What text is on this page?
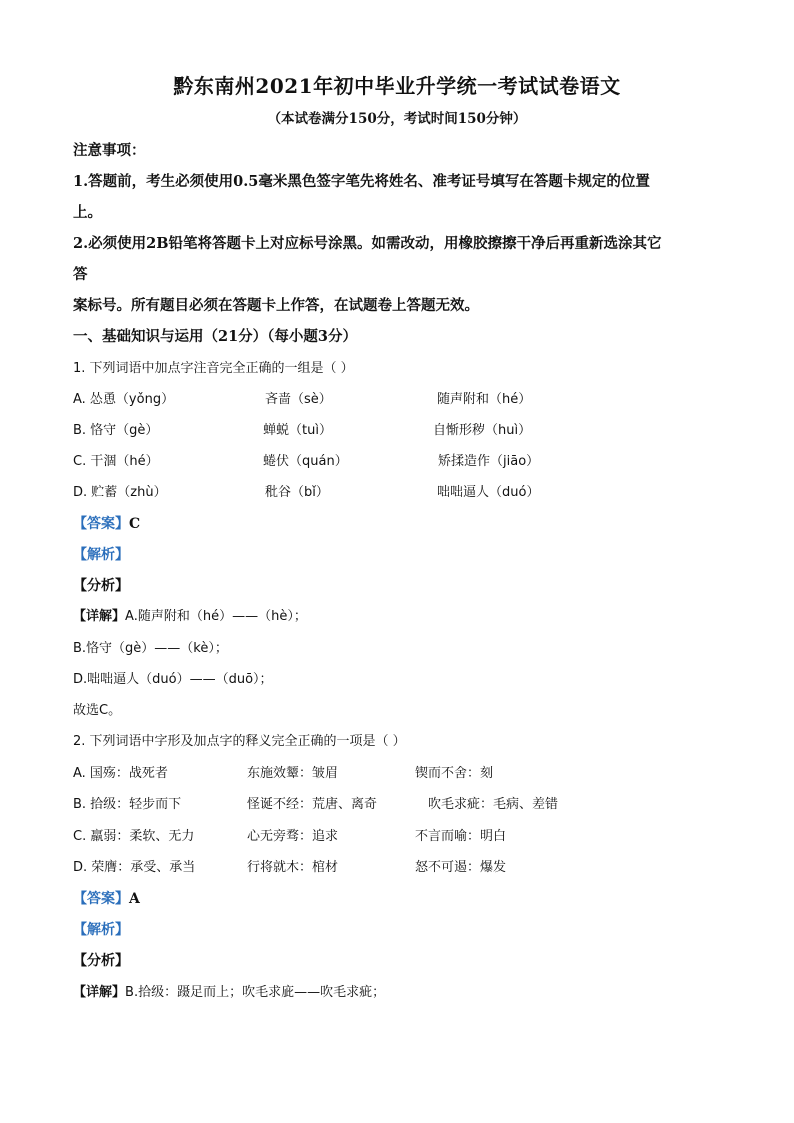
黔东南州2021年初中毕业升学统一考试试卷语文
（本试卷满分150分，考试时间150分钟）
注意事项：
1.答题前，考生必须使用0.5毫米黑色签字笔先将姓名、准考证号填写在答题卡规定的位置
上。
2.必须使用2B铅笔将答题卡上对应标号涂黑。如需改动，用橡胶擦擦干净后再重新选涂其它
答
案标号。所有题目必须在答题卡上作答，在试题卷上答题无效。
一、基础知识与运用（21分）（每小题3分）
1. 下列词语中加点字注音完全正确的一组是（ ）
A. 怂恿（yǒng）	吝啬（sè）	随声附和（hé）
B. 恪守（gè）	蝉蜕（tuì）	自惭形秽（huì）
C. 干涸（hé）	蜷伏（quán）	矫揉造作（jiāo）
D. 贮蓄（zhù）	秕谷（bǐ）	咄咄逼人（duó）
【答案】C
【解析】
【分析】
【详解】A.随声附和（hé）——（hè）；
B.恪守（gè）——（kè）；
D.咄咄逼人（duó）——（duō）；
故选C。
2. 下列词语中字形及加点字的释义完全正确的一项是（ ）
A. 国殇：战死者	东施效颦：皱眉	锲而不舍：刻
B. 拾级：轻步而下	怪诞不经：荒唐、离奇	吹毛求疵：毛病、差错
C. 羸弱：柔软、无力	心无旁骛：追求	不言而喻：明白
D. 荣膺：承受、承当	行将就木：棺材	怒不可遏：爆发
【答案】A
【解析】
【分析】
【详解】B.拾级：蹑足而上；吹毛求庛——吹毛求疵；
